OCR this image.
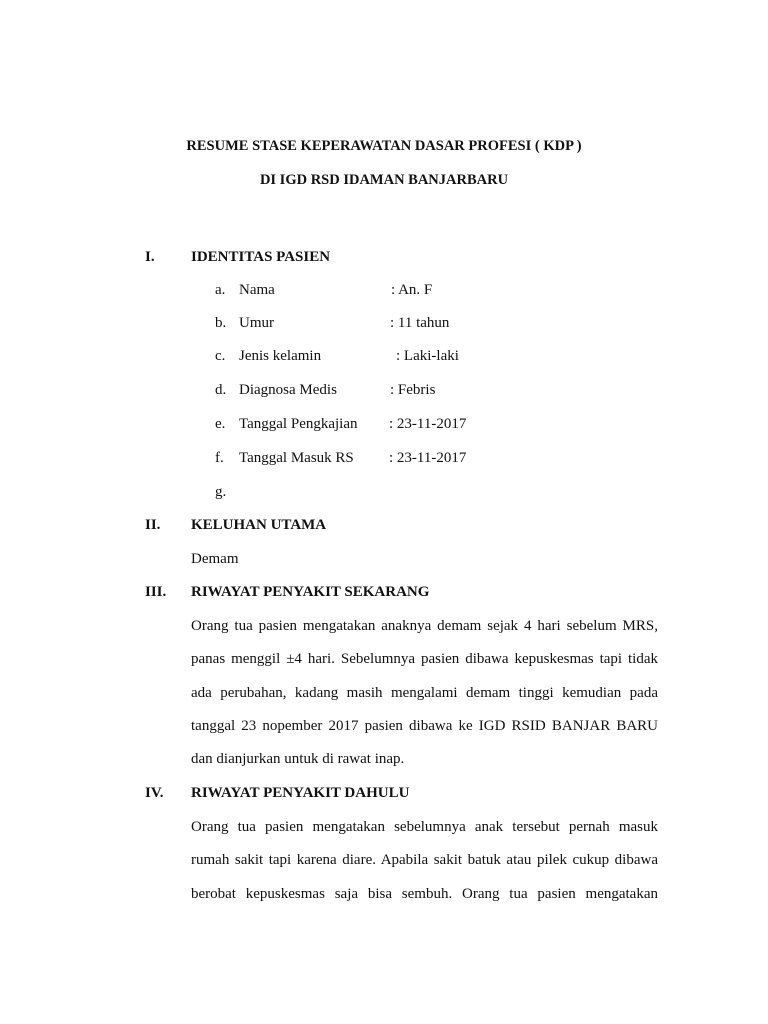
RESUME STASE KEPERAWATAN DASAR PROFESI ( KDP )
DI IGD RSD IDAMAN BANJARBARU
I. IDENTITAS PASIEN
a. Nama	: An. F
b. Umur	: 11 tahun
c. Jenis kelamin	: Laki-laki
d. Diagnosa Medis	: Febris
e. Tanggal Pengkajian : 23-11-2017
f. Tanggal Masuk RS : 23-11-2017
g.
II. KELUHAN UTAMA
Demam
III. RIWAYAT PENYAKIT SEKARANG
Orang tua pasien mengatakan anaknya demam sejak 4 hari sebelum MRS,
panas menggil ±4 hari. Sebelumnya pasien dibawa kepuskesmas tapi tidak
ada perubahan, kadang masih mengalami demam tinggi kemudian pada
tanggal 23 nopember 2017 pasien dibawa ke IGD RSID BANJAR BARU
dan dianjurkan untuk di rawat inap.
IV. RIWAYAT PENYAKIT DAHULU
Orang tua pasien mengatakan sebelumnya anak tersebut pernah masuk
rumah sakit tapi karena diare. Apabila sakit batuk atau pilek cukup dibawa
berobat kepuskesmas saja bisa sembuh. Orang tua pasien mengatakan
